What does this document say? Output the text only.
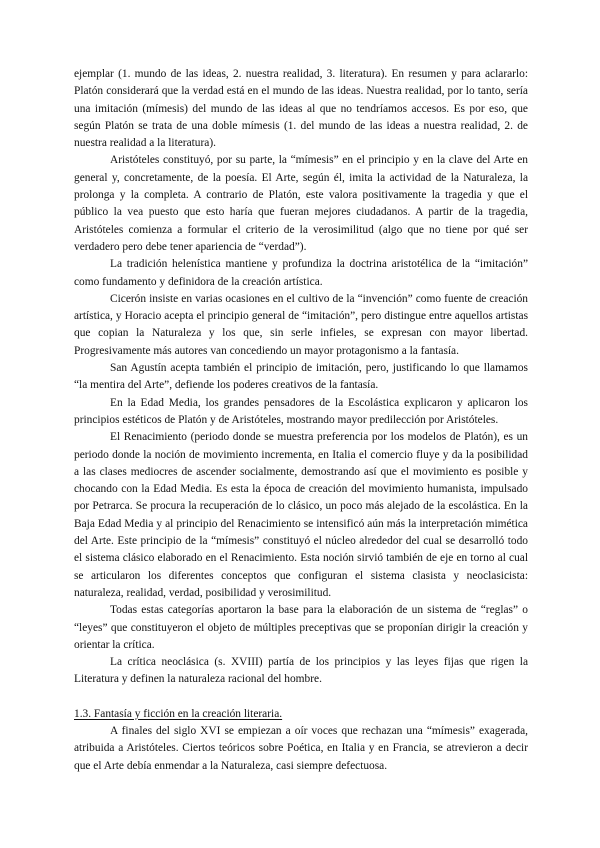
ejemplar (1. mundo de las ideas, 2. nuestra realidad, 3. literatura). En resumen y para aclararlo: Platón considerará que la verdad está en el mundo de las ideas. Nuestra realidad, por lo tanto, sería una imitación (mímesis) del mundo de las ideas al que no tendríamos accesos. Es por eso, que según Platón se trata de una doble mímesis (1. del mundo de las ideas a nuestra realidad, 2. de nuestra realidad a la literatura).

Aristóteles constituyó, por su parte, la “mímesis” en el principio y en la clave del Arte en general y, concretamente, de la poesía. El Arte, según él, imita la actividad de la Naturaleza, la prolonga y la completa. A contrario de Platón, este valora positivamente la tragedia y que el público la vea puesto que esto haría que fueran mejores ciudadanos. A partir de la tragedia, Aristóteles comienza a formular el criterio de la verosimilitud (algo que no tiene por qué ser verdadero pero debe tener apariencia de “verdad”).

La tradición helenística mantiene y profundiza la doctrina aristotélica de la “imitación” como fundamento y definidora de la creación artística.

Cicerón insiste en varias ocasiones en el cultivo de la “invención” como fuente de creación artística, y Horacio acepta el principio general de “imitación”, pero distingue entre aquellos artistas que copian la Naturaleza y los que, sin serle infieles, se expresan con mayor libertad. Progresivamente más autores van concediendo un mayor protagonismo a la fantasía.

San Agustín acepta también el principio de imitación, pero, justificando lo que llamamos “la mentira del Arte”, defiende los poderes creativos de la fantasía.

En la Edad Media, los grandes pensadores de la Escolástica explicaron y aplicaron los principios estéticos de Platón y de Aristóteles, mostrando mayor predilección por Aristóteles.

El Renacimiento (periodo donde se muestra preferencia por los modelos de Platón), es un periodo donde la noción de movimiento incrementa, en Italia el comercio fluye y da la posibilidad a las clases mediocres de ascender socialmente, demostrando así que el movimiento es posible y chocando con la Edad Media. Es esta la época de creación del movimiento humanista, impulsado por Petrarca. Se procura la recuperación de lo clásico, un poco más alejado de la escolástica. En la Baja Edad Media y al principio del Renacimiento se intensificó aún más la interpretación mimética del Arte. Este principio de la “mímesis” constituyó el núcleo alrededor del cual se desarrolló todo el sistema clásico elaborado en el Renacimiento. Esta noción sirvió también de eje en torno al cual se articularon los diferentes conceptos que configuran el sistema clasista y neoclasicista: naturaleza, realidad, verdad, posibilidad y verosimilitud.

Todas estas categorías aportaron la base para la elaboración de un sistema de “reglas” o “leyes” que constituyeron el objeto de múltiples preceptivas que se proponían dirigir la creación y orientar la crítica.

La crítica neoclásica (s. XVIII) partía de los principios y las leyes fijas que rigen la Literatura y definen la naturaleza racional del hombre.

1.3. Fantasía y ficción en la creación literaria.

A finales del siglo XVI se empiezan a oír voces que rechazan una “mímesis” exagerada, atribuida a Aristóteles. Ciertos teóricos sobre Poética, en Italia y en Francia, se atrevieron a decir que el Arte debía enmendar a la Naturaleza, casi siempre defectuosa.
